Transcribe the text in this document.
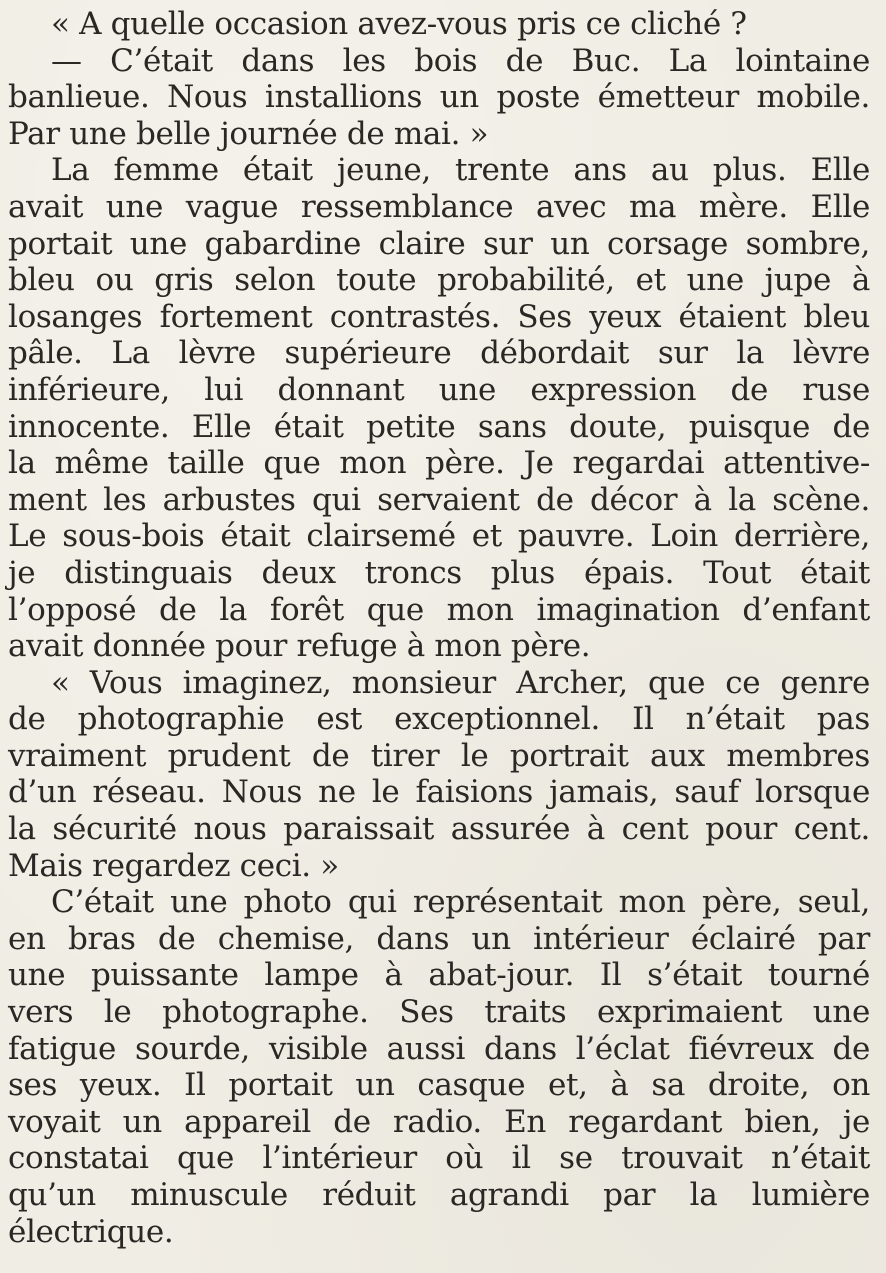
« A quelle occasion avez-vous pris ce cliché ?
— C’était dans les bois de Buc. La lointaine
banlieue. Nous installions un poste émetteur mobile.
Par une belle journée de mai. »
La femme était jeune, trente ans au plus. Elle
avait une vague ressemblance avec ma mère. Elle
portait une gabardine claire sur un corsage sombre,
bleu ou gris selon toute probabilité, et une jupe à
losanges fortement contrastés. Ses yeux étaient bleu
pâle. La lèvre supérieure débordait sur la lèvre
inférieure, lui donnant une expression de ruse
innocente. Elle était petite sans doute, puisque de
la même taille que mon père. Je regardai attentive-
ment les arbustes qui servaient de décor à la scène.
Le sous-bois était clairsemé et pauvre. Loin derrière,
je distinguais deux troncs plus épais. Tout était
l’opposé de la forêt que mon imagination d’enfant
avait donnée pour refuge à mon père.
« Vous imaginez, monsieur Archer, que ce genre
de photographie est exceptionnel. Il n’était pas
vraiment prudent de tirer le portrait aux membres
d’un réseau. Nous ne le faisions jamais, sauf lorsque
la sécurité nous paraissait assurée à cent pour cent.
Mais regardez ceci. »
C’était une photo qui représentait mon père, seul,
en bras de chemise, dans un intérieur éclairé par
une puissante lampe à abat-jour. Il s’était tourné
vers le photographe. Ses traits exprimaient une
fatigue sourde, visible aussi dans l’éclat fiévreux de
ses yeux. Il portait un casque et, à sa droite, on
voyait un appareil de radio. En regardant bien, je
constatai que l’intérieur où il se trouvait n’était
qu’un minuscule réduit agrandi par la lumière
électrique.
